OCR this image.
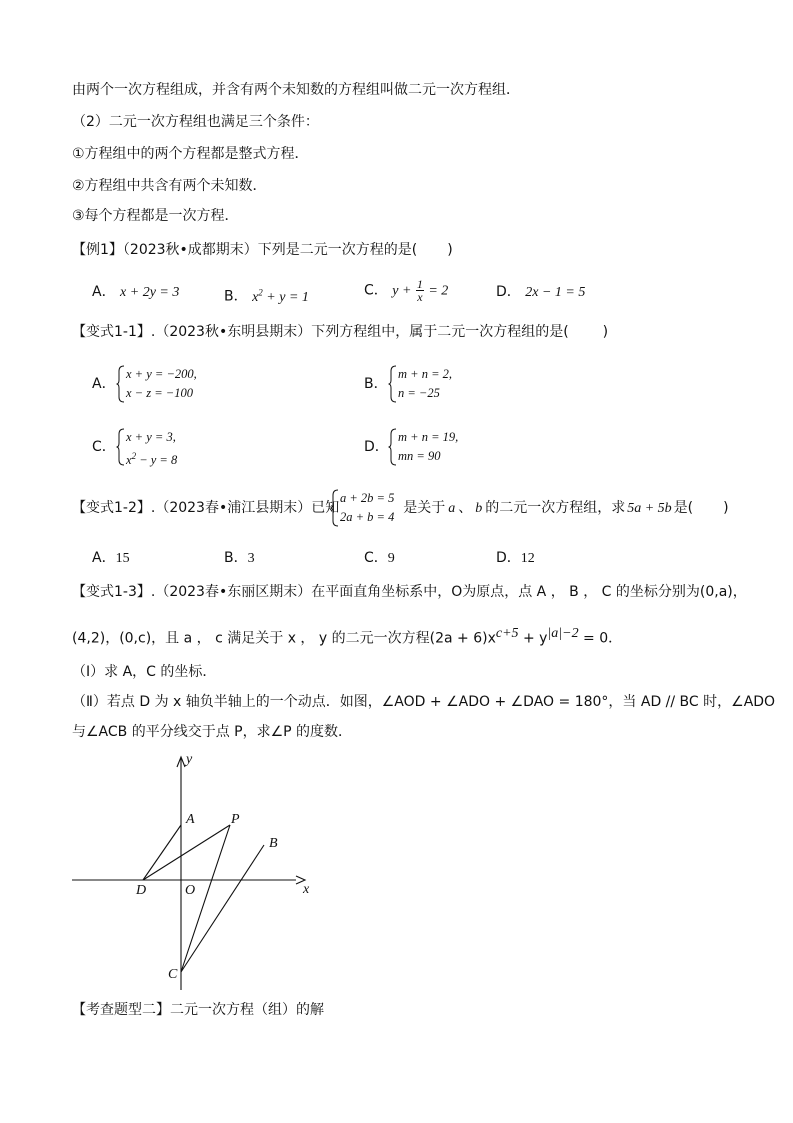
由两个一次方程组成，并含有两个未知数的方程组叫做二元一次方程组．
（2）二元一次方程组也满足三个条件：
①方程组中的两个方程都是整式方程．
②方程组中共含有两个未知数．
③每个方程都是一次方程．
【例1】（2023秋•成都期末）下列是二元一次方程的是( )
A． x + 2y = 3	B． $x^2 + y = 1$	C． $y + \frac{1}{x} = 2$	D． 2x − 1 = 5
【变式1-1】.（2023秋•东明县期末）下列方程组中，属于二元一次方程组的是( )
A．
x + y = −200,
x − z = −100
B．
m + n = 2,
n = −25
C．
x + y = 3,
$x^2 - y = 8$
D．
m + n = 19,
mn = 90
【变式1-2】.（2023春•浦江县期末）已知	是关于 a 、 b 的二元一次方程组，求 5a + 5b 是( )
a + 2b = 5
2a + b = 4
A．15	B．3	C．9	D．12
【变式1-3】.（2023春•东丽区期末）在平面直角坐标系中，O为原点，点 A ， B ， C 的坐标分别为(0,a)，
(4,2)，(0,c)，且 a ， c 满足关于 x ， y 的二元一次方程$(2a + 6)x^{c+5} + y^{|a|-2} = 0$．
（Ⅰ）求 A，C 的坐标．
（Ⅱ）若点 D 为 x 轴负半轴上的一个动点．如图，∠AOD + ∠ADO + ∠DAO = 180°，当 AD // BC 时，∠ADO
与∠ACB 的平分线交于点 P，求∠P 的度数．
y
x
A	P
B
D	O
C
【考查题型二】二元一次方程（组）的解
